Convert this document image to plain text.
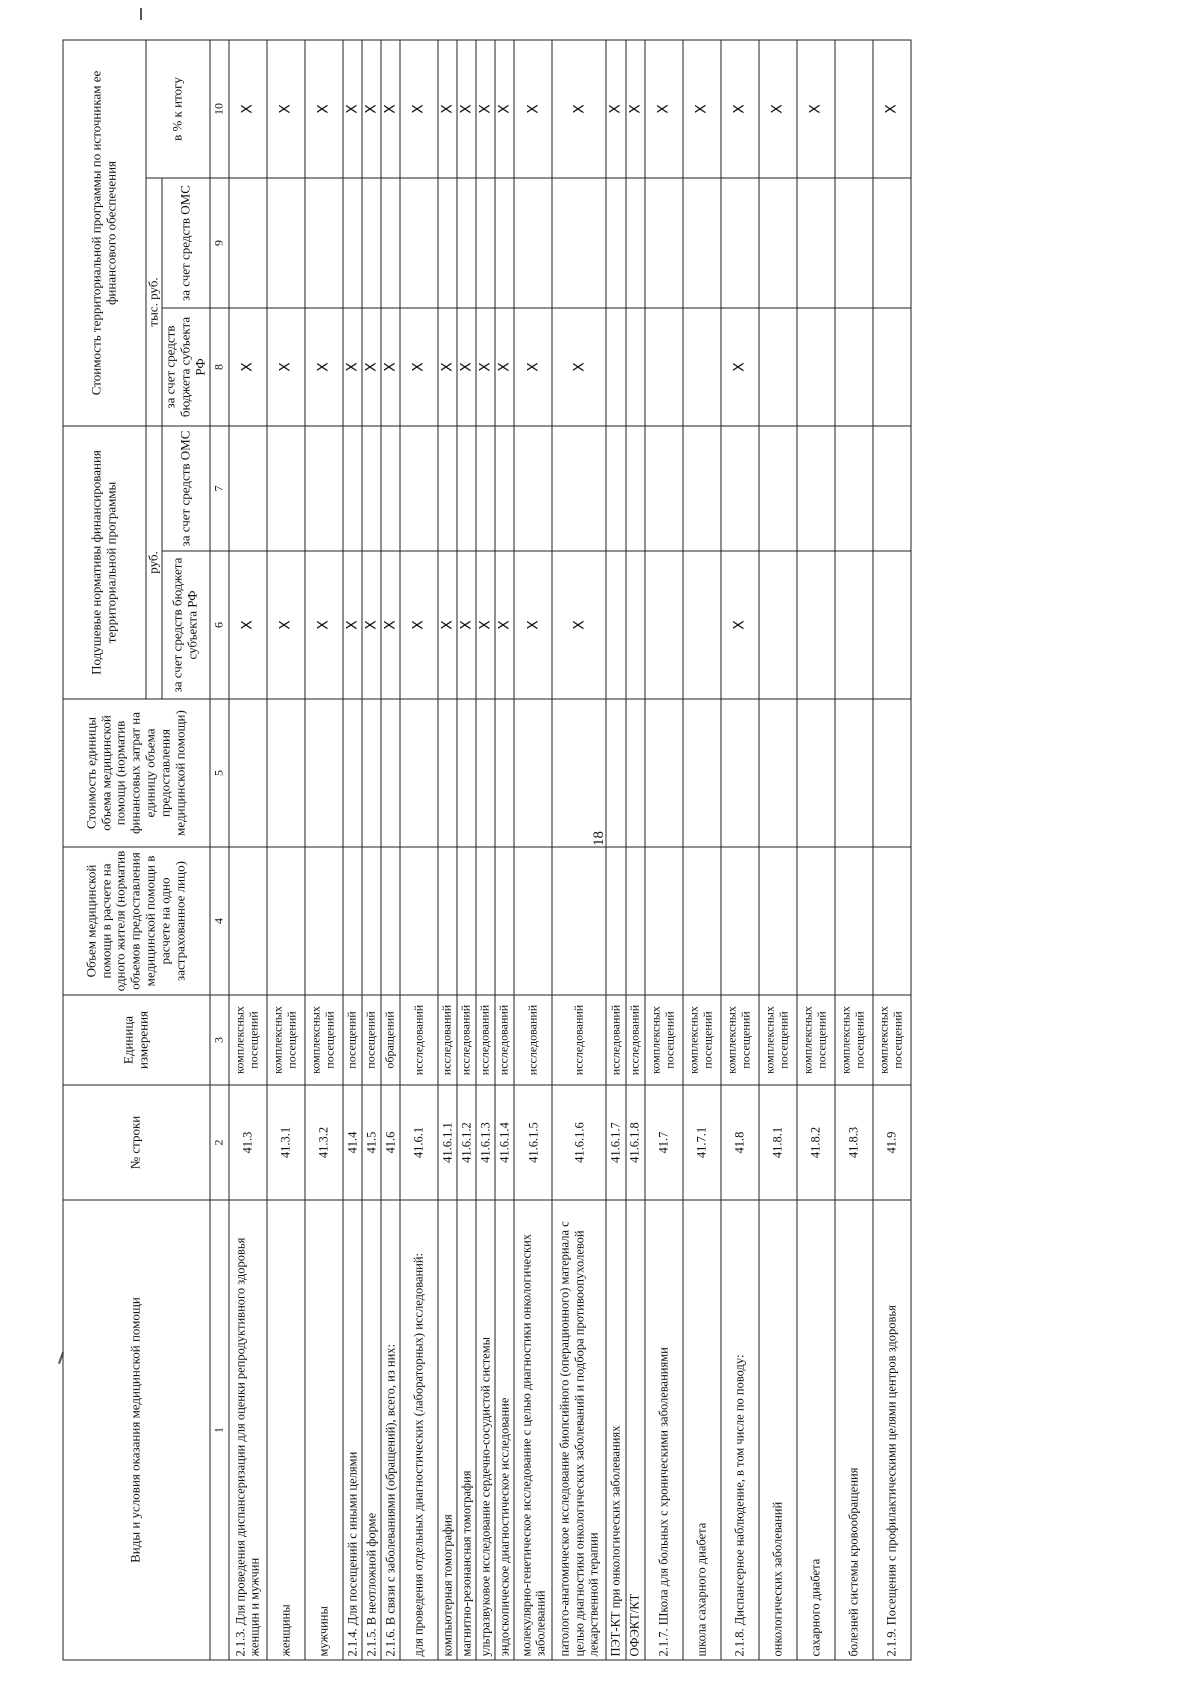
18
Виды и условия оказания медицинской помощи	№ строки	Единица измерения	Объем медицинской помощи в расчете на одного жителя (норматив объемов предоставления медицинской помощи в расчете на одно застрахованное лицо)	Стоимость единицы объема медицинской помощи (норматив финансовых затрат на единицу объема предоставления медицинской помощи)	Подушевые нормативы финансирования территориальной программы		Стоимость территориальной программы по источникам ее финансового обеспечения		
					руб.		тыс. руб.		в % к итогу
					за счет средств бюджета субъекта РФ	за счет средств ОМС	за счет средств бюджета субъекта РФ	за счет средств ОМС	
1	2	3	4	5	6	7	8	9	10
2.1.3. Для проведения диспансеризации для оценки репродуктивного здоровья женщин и мужчин	41.3	комплексных посещений			X		X		X
женщины	41.3.1	комплексных посещений			X		X		X
мужчины	41.3.2	комплексных посещений			X		X		X
2.1.4. Для посещений с иными целями	41.4	посещений			X		X		X
2.1.5. В неотложной форме	41.5	посещений			X		X		X
2.1.6. В связи с заболеваниями (обращений), всего, из них:	41.6	обращений			X		X		X
для проведения отдельных диагностических (лабораторных) исследований:	41.6.1	исследований			X		X		X
компьютерная томография	41.6.1.1	исследований			X		X		X
магнитно-резонансная томография	41.6.1.2	исследований			X		X		X
ультразвуковое исследование сердечно-сосудистой системы	41.6.1.3	исследований			X		X		X
эндоскопическое диагностическое исследование	41.6.1.4	исследований			X		X		X
молекулярно-генетическое исследование с целью диагностики онкологических заболеваний	41.6.1.5	исследований			X		X		X
патолого-анатомическое исследование биопсийного (операционного) материала с целью диагностики онкологических заболеваний и подбора противоопухолевой лекарственной терапии	41.6.1.6	исследований			X		X		X
ПЭТ-КТ при онкологических заболеваниях	41.6.1.7	исследований							X
ОФЭКТ/КТ	41.6.1.8	исследований							X
2.1.7. Школа для больных с хроническими заболеваниями	41.7	комплексных посещений							X
школа сахарного диабета	41.7.1	комплексных посещений							X
2.1.8. Диспансерное наблюдение, в том числе по поводу:	41.8	комплексных посещений			X		X		X
онкологических заболеваний	41.8.1	комплексных посещений							X
сахарного диабета	41.8.2	комплексных посещений							X
болезней системы кровообращения	41.8.3	комплексных посещений							
2.1.9. Посещения с профилактическими целями центров здоровья	41.9	комплексных посещений							X
